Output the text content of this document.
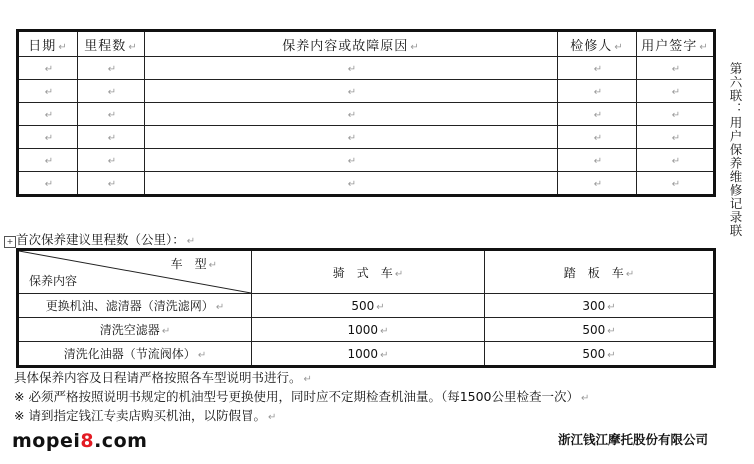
日期 ↵	里程数 ↵	保养内容或故障原因 ↵	检修人 ↵	用户签字 ↵
↵	↵	↵	↵	↵
↵	↵	↵	↵	↵
↵	↵	↵	↵	↵
↵	↵	↵	↵	↵
↵	↵	↵	↵	↵
↵	↵	↵	↵	↵	第六联：用户保养维修记录联
+ 首次保养建议里程数（公里）： ↵
车　型 ↵
保养内容	骑　式　车 ↵	踏　板　车 ↵
更换机油、滤清器（清洗滤网） ↵	500 ↵	300 ↵
清洗空滤器 ↵	1000 ↵	500 ↵
清洗化油器（节流阀体） ↵	1000 ↵	500 ↵
具体保养内容及日程请严格按照各车型说明书进行。 ↵
※ 必须严格按照说明书规定的机油型号更换使用，同时应不定期检查机油量。（每1500公里检查一次） ↵
※ 请到指定钱江专卖店购买机油，以防假冒。 ↵
mopei8.com	浙江钱江摩托股份有限公司
